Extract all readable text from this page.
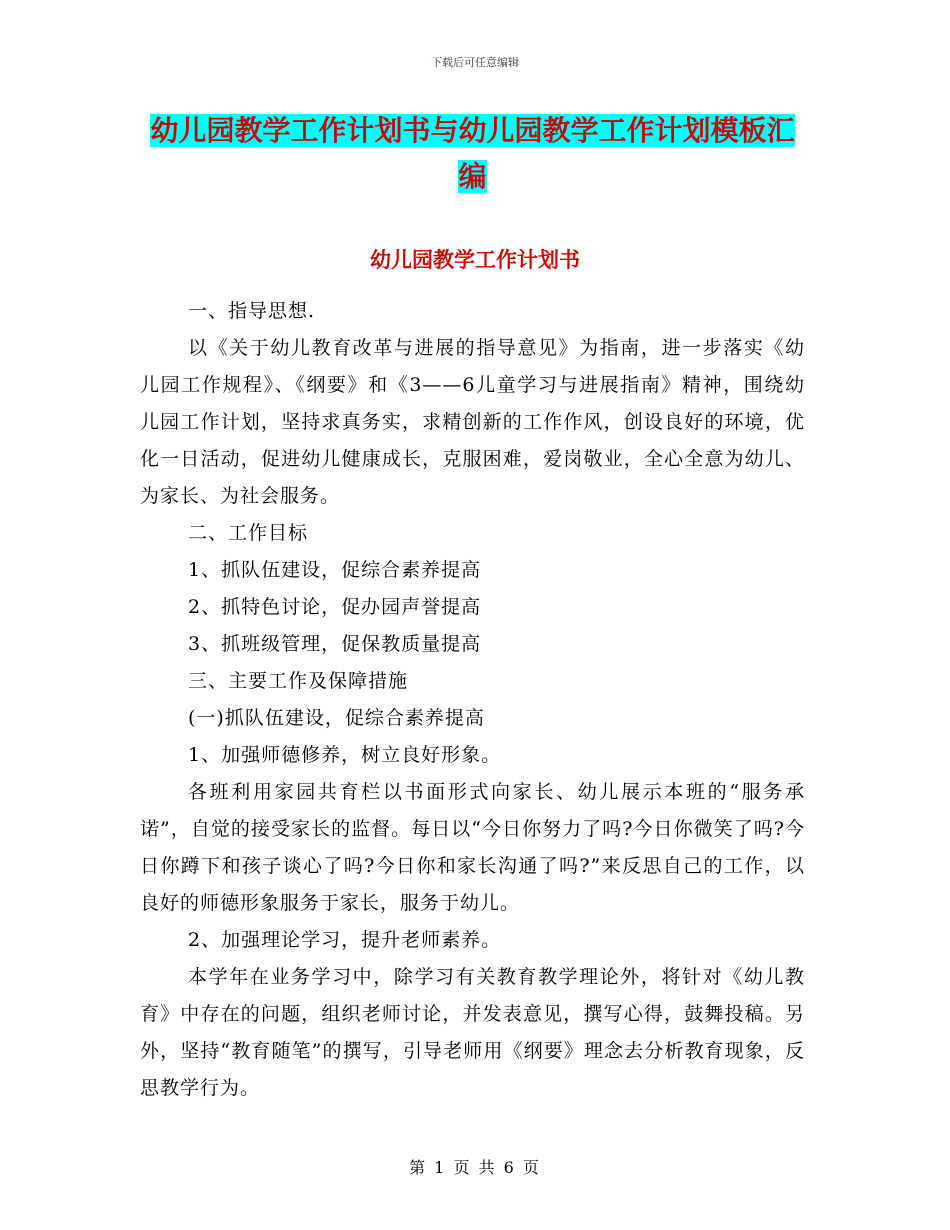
下载后可任意编辑
幼儿园教学工作计划书与幼儿园教学工作计划模板汇编
幼儿园教学工作计划书

一、指导思想.

以《关于幼儿教育改革与进展的指导意见》为指南，进一步落实《幼儿园工作规程》、《纲要》和《3——6儿童学习与进展指南》精神，围绕幼儿园工作计划，坚持求真务实，求精创新的工作作风，创设良好的环境，优化一日活动，促进幼儿健康成长，克服困难，爱岗敬业，全心全意为幼儿、为家长、为社会服务。

二、工作目标

1、抓队伍建设，促综合素养提高

2、抓特色讨论，促办园声誉提高

3、抓班级管理，促保教质量提高

三、主要工作及保障措施

(一)抓队伍建设，促综合素养提高

1、加强师德修养，树立良好形象。

各班利用家园共育栏以书面形式向家长、幼儿展示本班的“服务承诺”，自觉的接受家长的监督。每日以“今日你努力了吗?今日你微笑了吗?今日你蹲下和孩子谈心了吗?今日你和家长沟通了吗?”来反思自己的工作，以良好的师德形象服务于家长，服务于幼儿。

2、加强理论学习，提升老师素养。

本学年在业务学习中，除学习有关教育教学理论外，将针对《幼儿教育》中存在的问题，组织老师讨论，并发表意见，撰写心得，鼓舞投稿。另外，坚持“教育随笔”的撰写，引导老师用《纲要》理念去分析教育现象，反思教学行为。

第 1 页 共 6 页
